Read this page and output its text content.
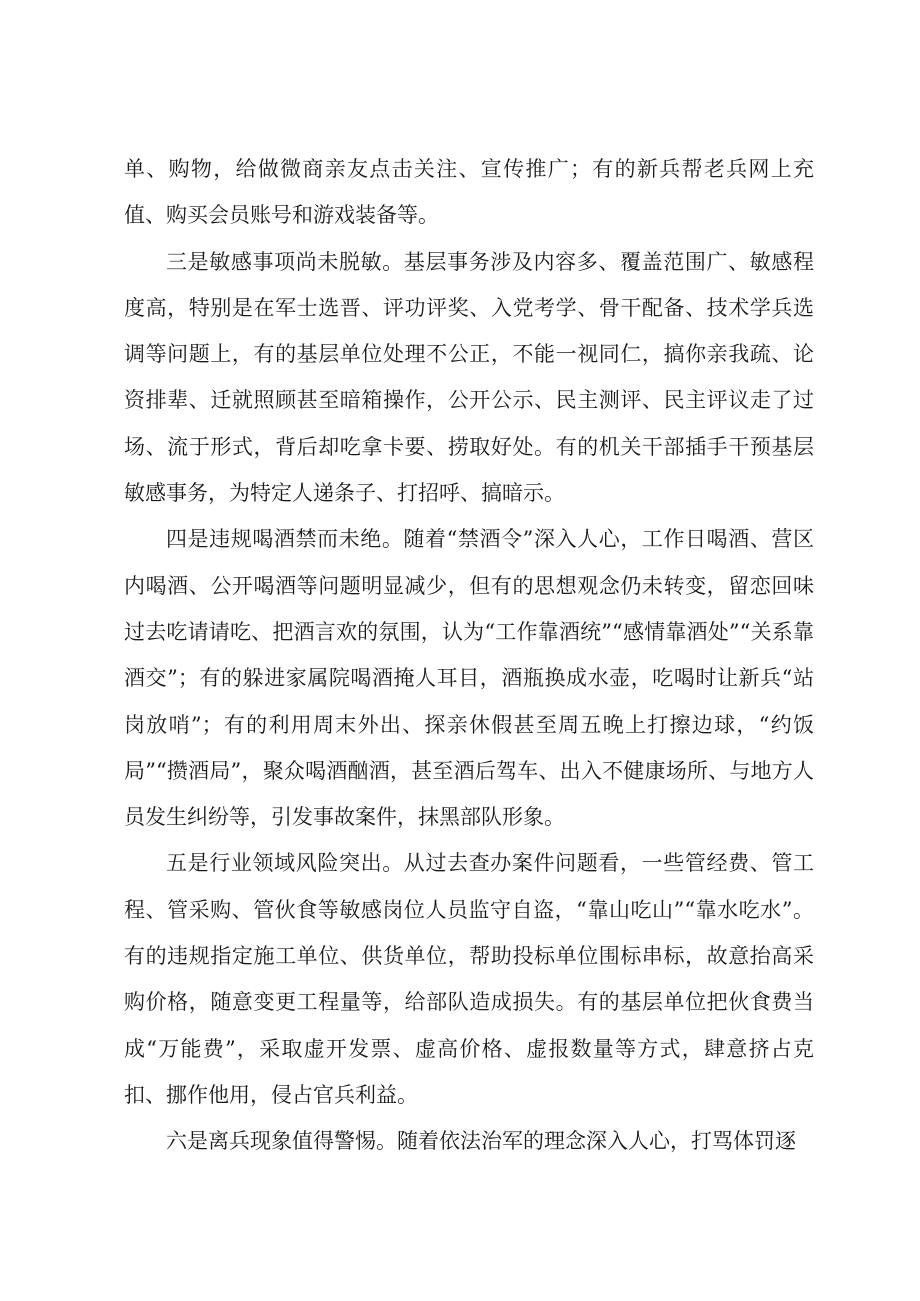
单、购物，给做微商亲友点击关注、宣传推广；有的新兵帮老兵网上充值、购买会员账号和游戏装备等。

三是敏感事项尚未脱敏。基层事务涉及内容多、覆盖范围广、敏感程度高，特别是在军士选晋、评功评奖、入党考学、骨干配备、技术学兵选调等问题上，有的基层单位处理不公正，不能一视同仁，搞你亲我疏、论资排辈、迁就照顾甚至暗箱操作，公开公示、民主测评、民主评议走了过场、流于形式，背后却吃拿卡要、捞取好处。有的机关干部插手干预基层敏感事务，为特定人递条子、打招呼、搞暗示。

四是违规喝酒禁而未绝。随着“禁酒令”深入人心，工作日喝酒、营区内喝酒、公开喝酒等问题明显减少，但有的思想观念仍未转变，留恋回味过去吃请请吃、把酒言欢的氛围，认为“工作靠酒统”“感情靠酒处”“关系靠酒交”；有的躲进家属院喝酒掩人耳目，酒瓶换成水壶，吃喝时让新兵“站岗放哨”；有的利用周末外出、探亲休假甚至周五晚上打擦边球，“约饭局”“攒酒局”，聚众喝酒酗酒，甚至酒后驾车、出入不健康场所、与地方人员发生纠纷等，引发事故案件，抹黑部队形象。

五是行业领域风险突出。从过去查办案件问题看，一些管经费、管工程、管采购、管伙食等敏感岗位人员监守自盗，“靠山吃山”“靠水吃水”。有的违规指定施工单位、供货单位，帮助投标单位围标串标，故意抬高采购价格，随意变更工程量等，给部队造成损失。有的基层单位把伙食费当成“万能费”，采取虚开发票、虚高价格、虚报数量等方式，肆意挤占克扣、挪作他用，侵占官兵利益。

六是离兵现象值得警惕。随着依法治军的理念深入人心，打骂体罚逐
